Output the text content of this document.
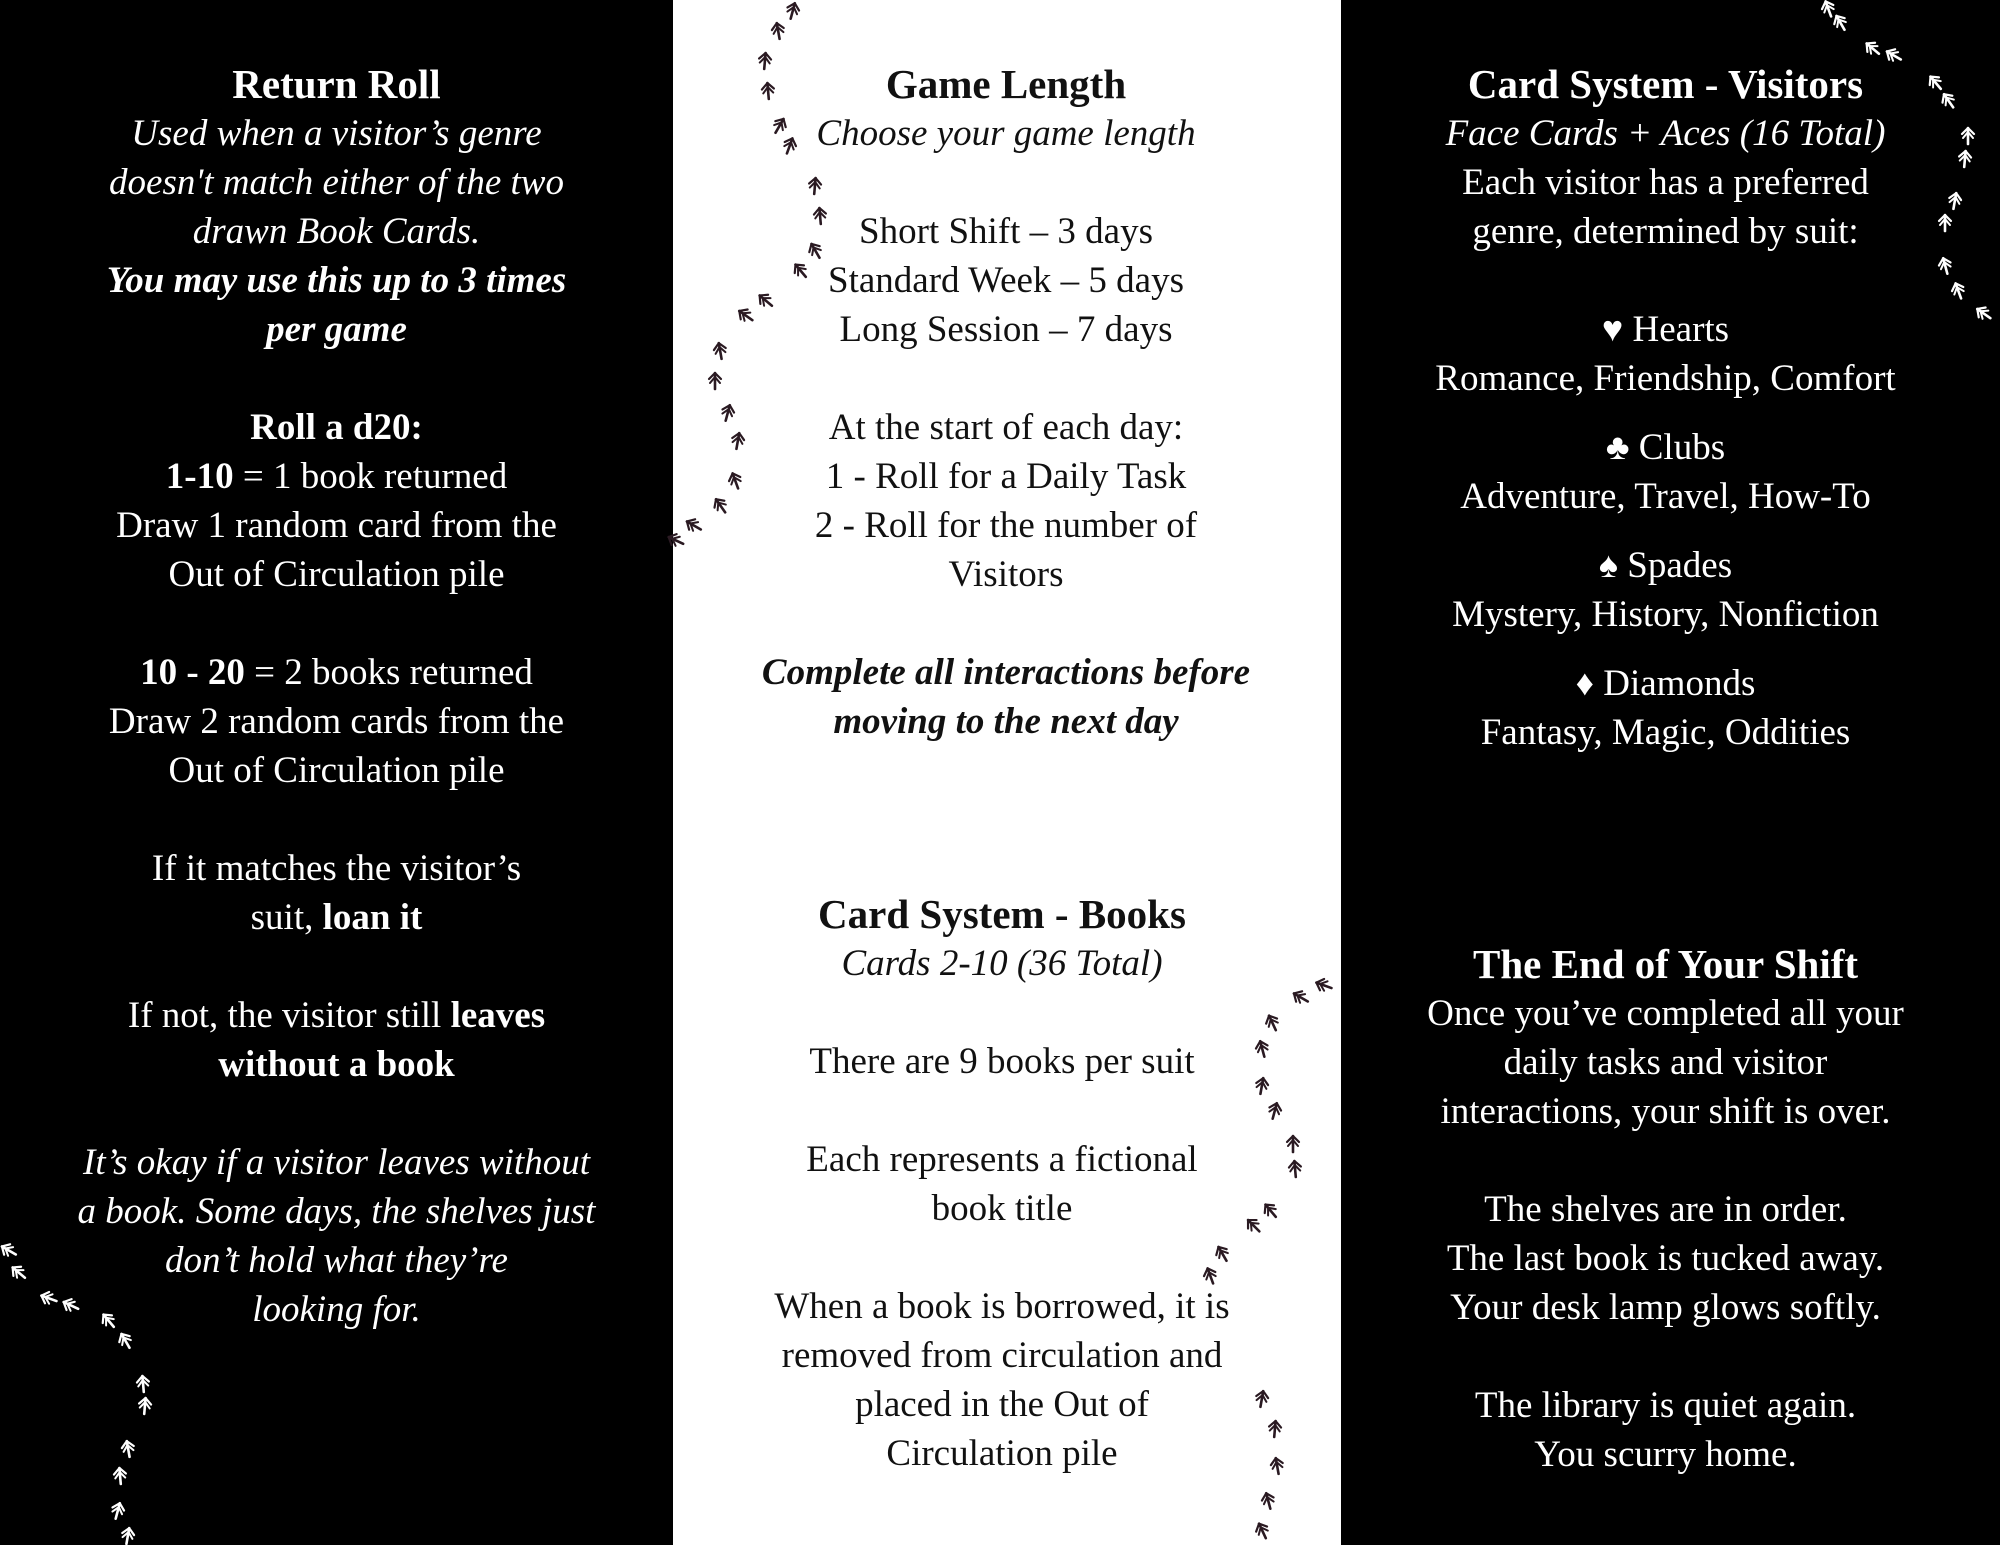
Return Roll
Used when a visitor’s genre
doesn't match either of the two
drawn Book Cards.
You may use this up to 3 times
per game
Roll a d20:
1-10 = 1 book returned
Draw 1 random card from the
Out of Circulation pile
10 - 20 = 2 books returned
Draw 2 random cards from the
Out of Circulation pile
If it matches the visitor’s
suit, loan it
If not, the visitor still leaves
without a book
It’s okay if a visitor leaves without
a book. Some days, the shelves just
don’t hold what they’re
looking for.
Game Length
Choose your game length
Short Shift – 3 days
Standard Week – 5 days
Long Session – 7 days
At the start of each day:
1 - Roll for a Daily Task
2 - Roll for the number of
Visitors
Complete all interactions before
moving to the next day
Card System - Books
Cards 2-10 (36 Total)
There are 9 books per suit
Each represents a fictional
book title
When a book is borrowed, it is
removed from circulation and
placed in the Out of
Circulation pile
Card System - Visitors
Face Cards + Aces (16 Total)
Each visitor has a preferred
genre, determined by suit:
♥ Hearts
Romance, Friendship, Comfort
♣ Clubs
Adventure, Travel, How-To
♠ Spades
Mystery, History, Nonfiction
♦ Diamonds
Fantasy, Magic, Oddities
The End of Your Shift
Once you’ve completed all your
daily tasks and visitor
interactions, your shift is over.
The shelves are in order.
The last book is tucked away.
Your desk lamp glows softly.
The library is quiet again.
You scurry home.
